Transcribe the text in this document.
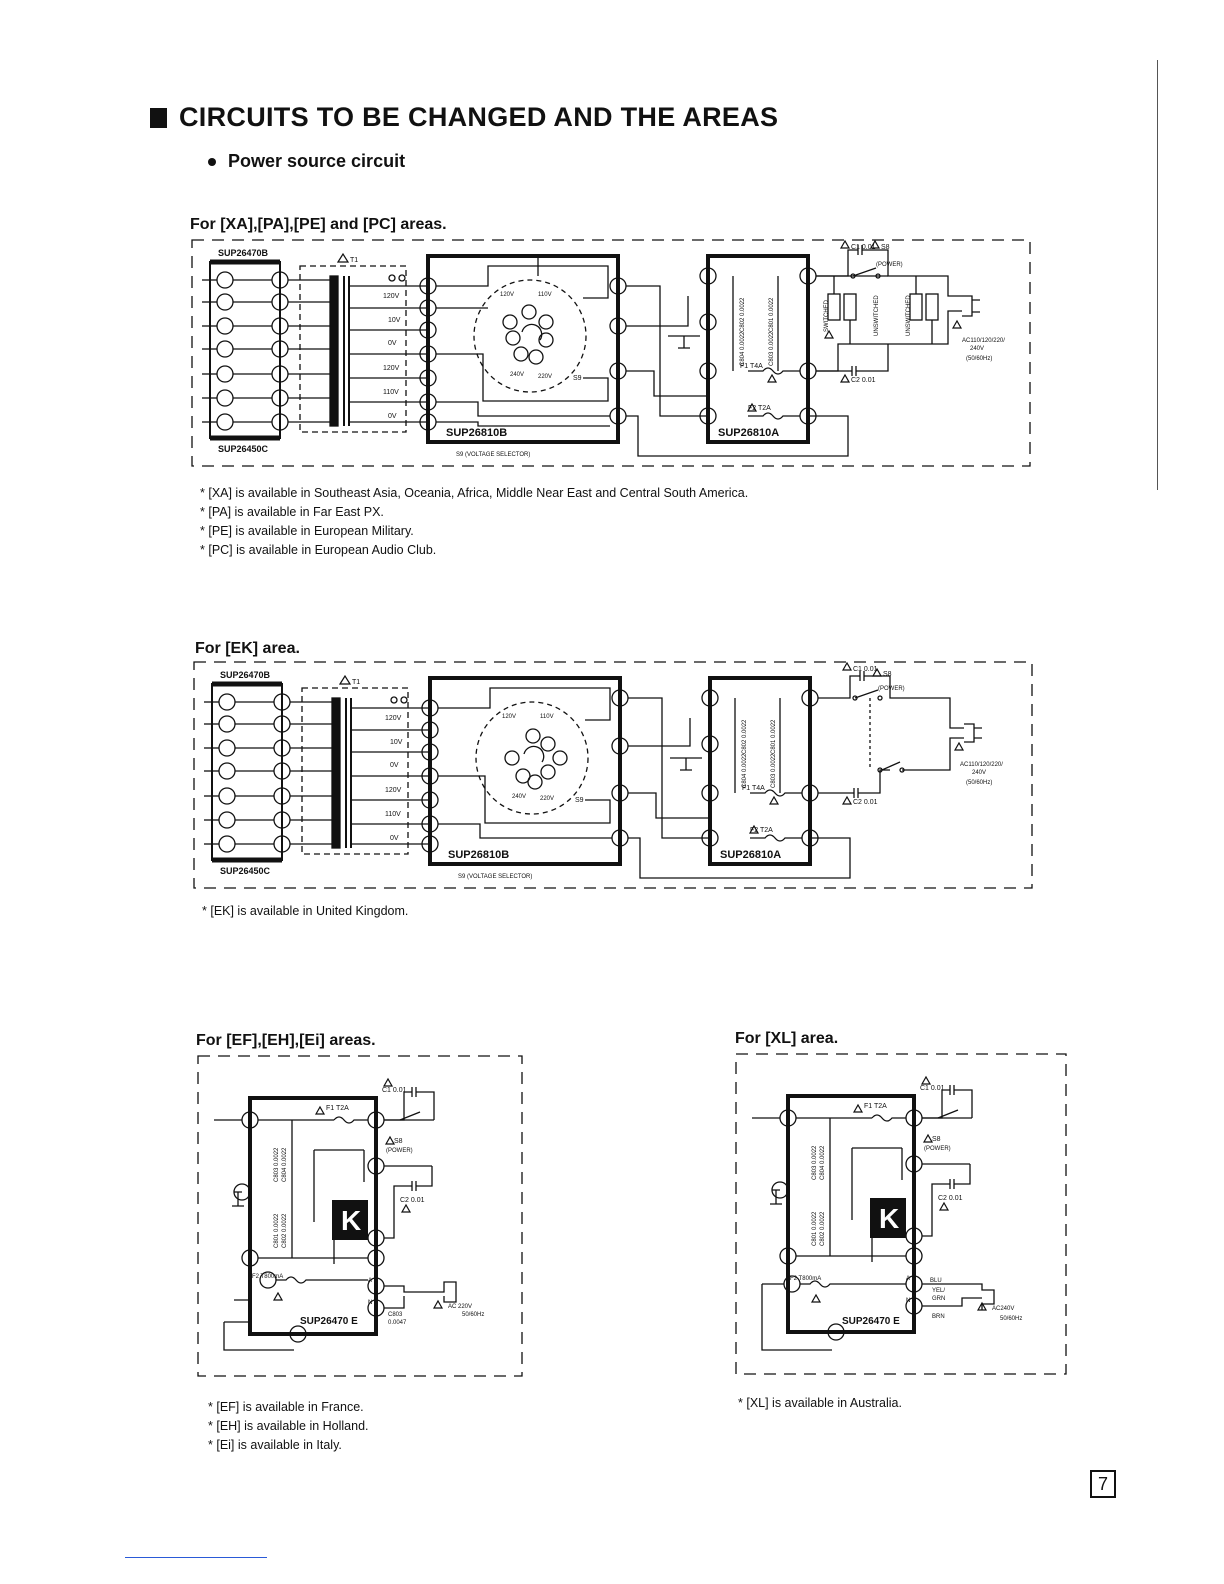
CIRCUITS TO BE CHANGED AND THE AREAS
Power source circuit
For [XA],[PA],[PE] and [PC] areas.
SUP26470B
SUP26450C
T1
120V
10V
0V
120V
110V
0V
SUP26810B	SUP26810A
S9 (VOLTAGE SELECTOR)
C1 0.01 S8
(POWER)
C2 0.01
F1 T4A
F2 T2A
AC110/120/220/
240V
(50/60Hz)
S9
SWITCHED	UNSWITCHED	UNSWITCHED
C802 0.0022	C801 0.0022
C804 0.0022	C803 0.0022
120V	110V
240V 220V
* [XA] is available in Southeast Asia, Oceania, Africa, Middle Near East and Central South America.
* [PA] is available in Far East PX.
* [PE] is available in European Military.
* [PC] is available in European Audio Club.
For [EK] area.
SUP26470B
SUP26450C
T1
120V
10V
0V
120V
110V
0V
SUP26810B	SUP26810A
S9 (VOLTAGE SELECTOR)
C1 0.01
S8
(POWER)
C2 0.01
F1 T4A
F2 T2A
AC110/120/220/
240V
(50/60Hz)
S9
C802 0.0022	C801 0.0022
C804 0.0022	C803 0.0022
120V	110V
240V 220V
* [EK] is available in United Kingdom.
For [EF],[EH],[Ei] areas.
K
C1 0.01
F1 T2A
S8
(POWER)
C2 0.01
F2 T800mA
SUP26470 E
C803
0.0047
AC 220V
50/60Hz
A
N
C803 0.0022 C804 0.0022
C801 0.0022 C802 0.0022
* [EF] is available in France.
* [EH] is available in Holland.
* [Ei] is available in Italy.
For [XL] area.
K
C1 0.01
F1 T2A
S8
(POWER)
C2 0.01
F2 T800mA
SUP26470 E
BLU
YEL/
GRN
BRN
AC240V
50/60Hz
A
N
C803 0.0022 C804 0.0022
C801 0.0022 C802 0.0022
* [XL] is available in Australia.
7
